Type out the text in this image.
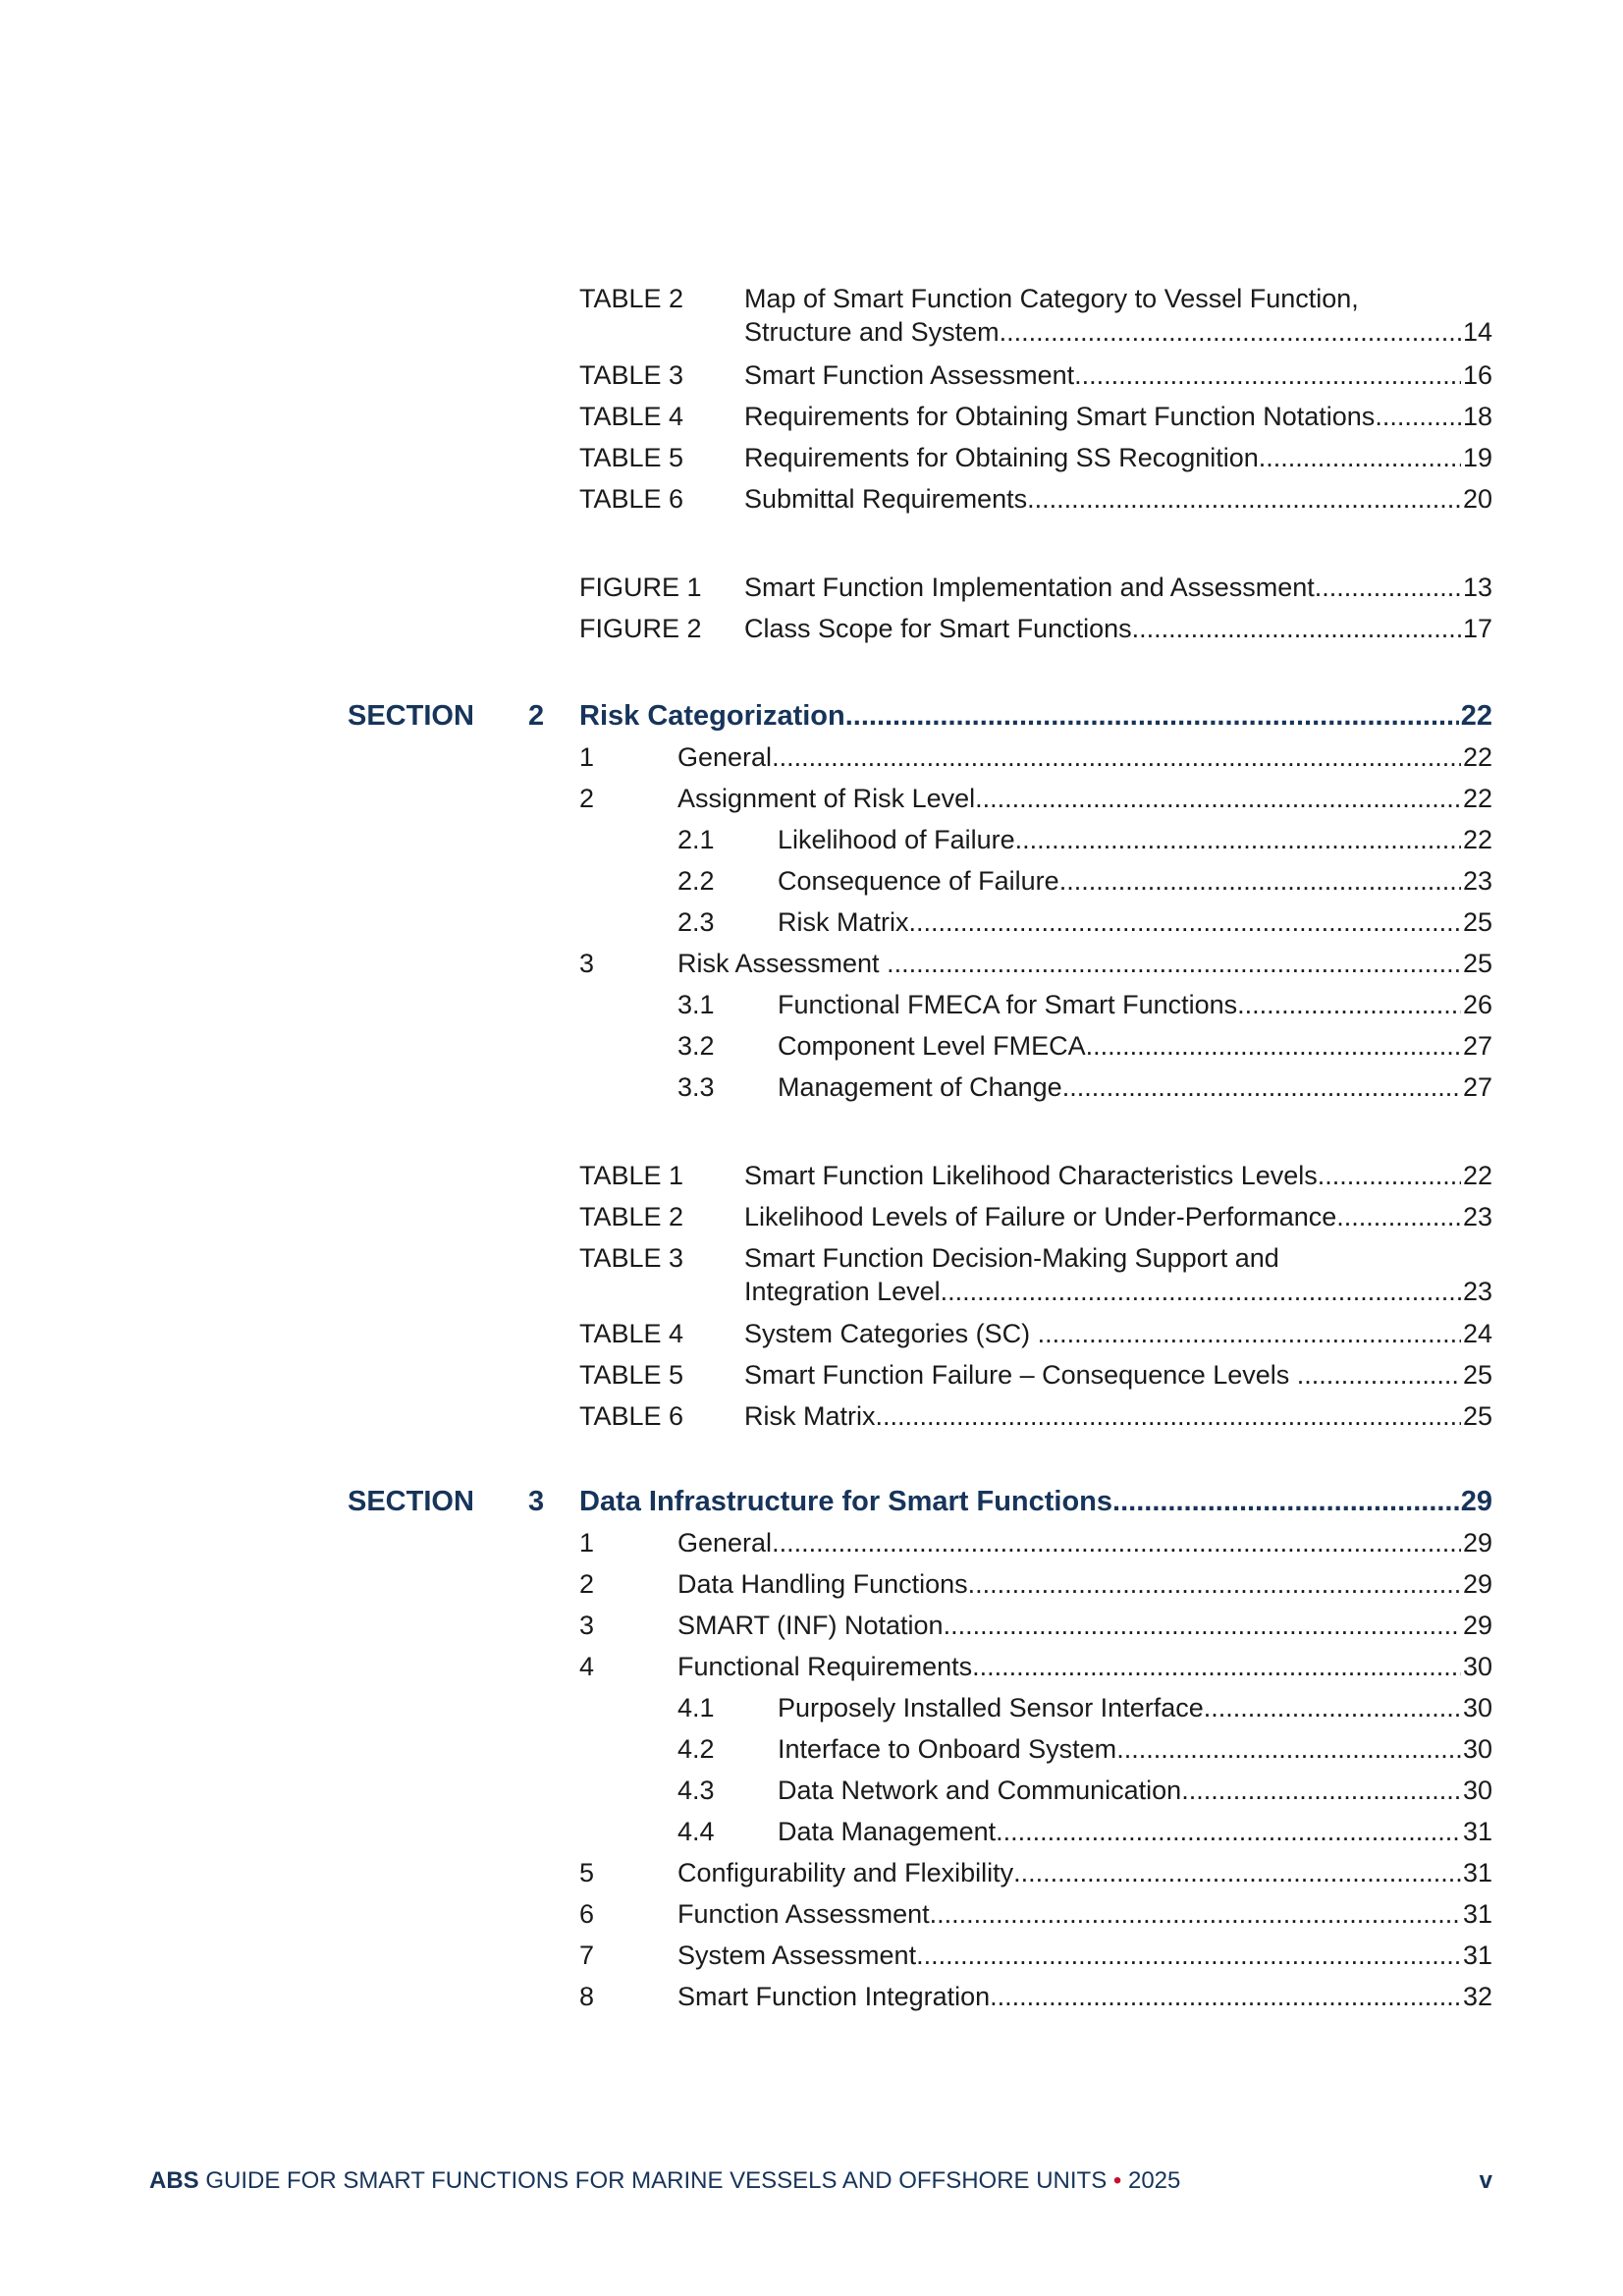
TABLE 2 Map of Smart Function Category to Vessel Function,
Structure and System .....	14
TABLE 3 Smart Function Assessment .....	16
TABLE 4 Requirements for Obtaining Smart Function Notations .....	18
TABLE 5 Requirements for Obtaining SS Recognition .....	19
TABLE 6 Submittal Requirements .....	20
FIGURE 1 Smart Function Implementation and Assessment .....	13
FIGURE 2 Class Scope for Smart Functions .....	17
SECTION 2 Risk Categorization .....	22
1	General .....	22
2	Assignment of Risk Level .....	22
2.1 Likelihood of Failure .....	22
2.2 Consequence of Failure .....	23
2.3 Risk Matrix .....	25
3	Risk Assessment .....	25
3.1 Functional FMECA for Smart Functions .....	26
3.2 Component Level FMECA .....	27
3.3 Management of Change .....	27
TABLE 1 Smart Function Likelihood Characteristics Levels .....	22
TABLE 2 Likelihood Levels of Failure or Under-Performance .....	23
TABLE 3 Smart Function Decision-Making Support and
Integration Level .....	23
TABLE 4 System Categories (SC) .....	24
TABLE 5 Smart Function Failure – Consequence Levels .....	25
TABLE 6 Risk Matrix .....	25
SECTION 3 Data Infrastructure for Smart Functions .....	29
1	General .....	29
2	Data Handling Functions .....	29
3	SMART (INF) Notation .....	29
4	Functional Requirements .....	30
4.1 Purposely Installed Sensor Interface .....	30
4.2 Interface to Onboard System .....	30
4.3 Data Network and Communication .....	30
4.4 Data Management .....	31
5	Configurability and Flexibility .....	31
6	Function Assessment .....	31
7	System Assessment .....	31
8	Smart Function Integration .....	32
ABS GUIDE FOR SMART FUNCTIONS FOR MARINE VESSELS AND OFFSHORE UNITS • 2025	v
